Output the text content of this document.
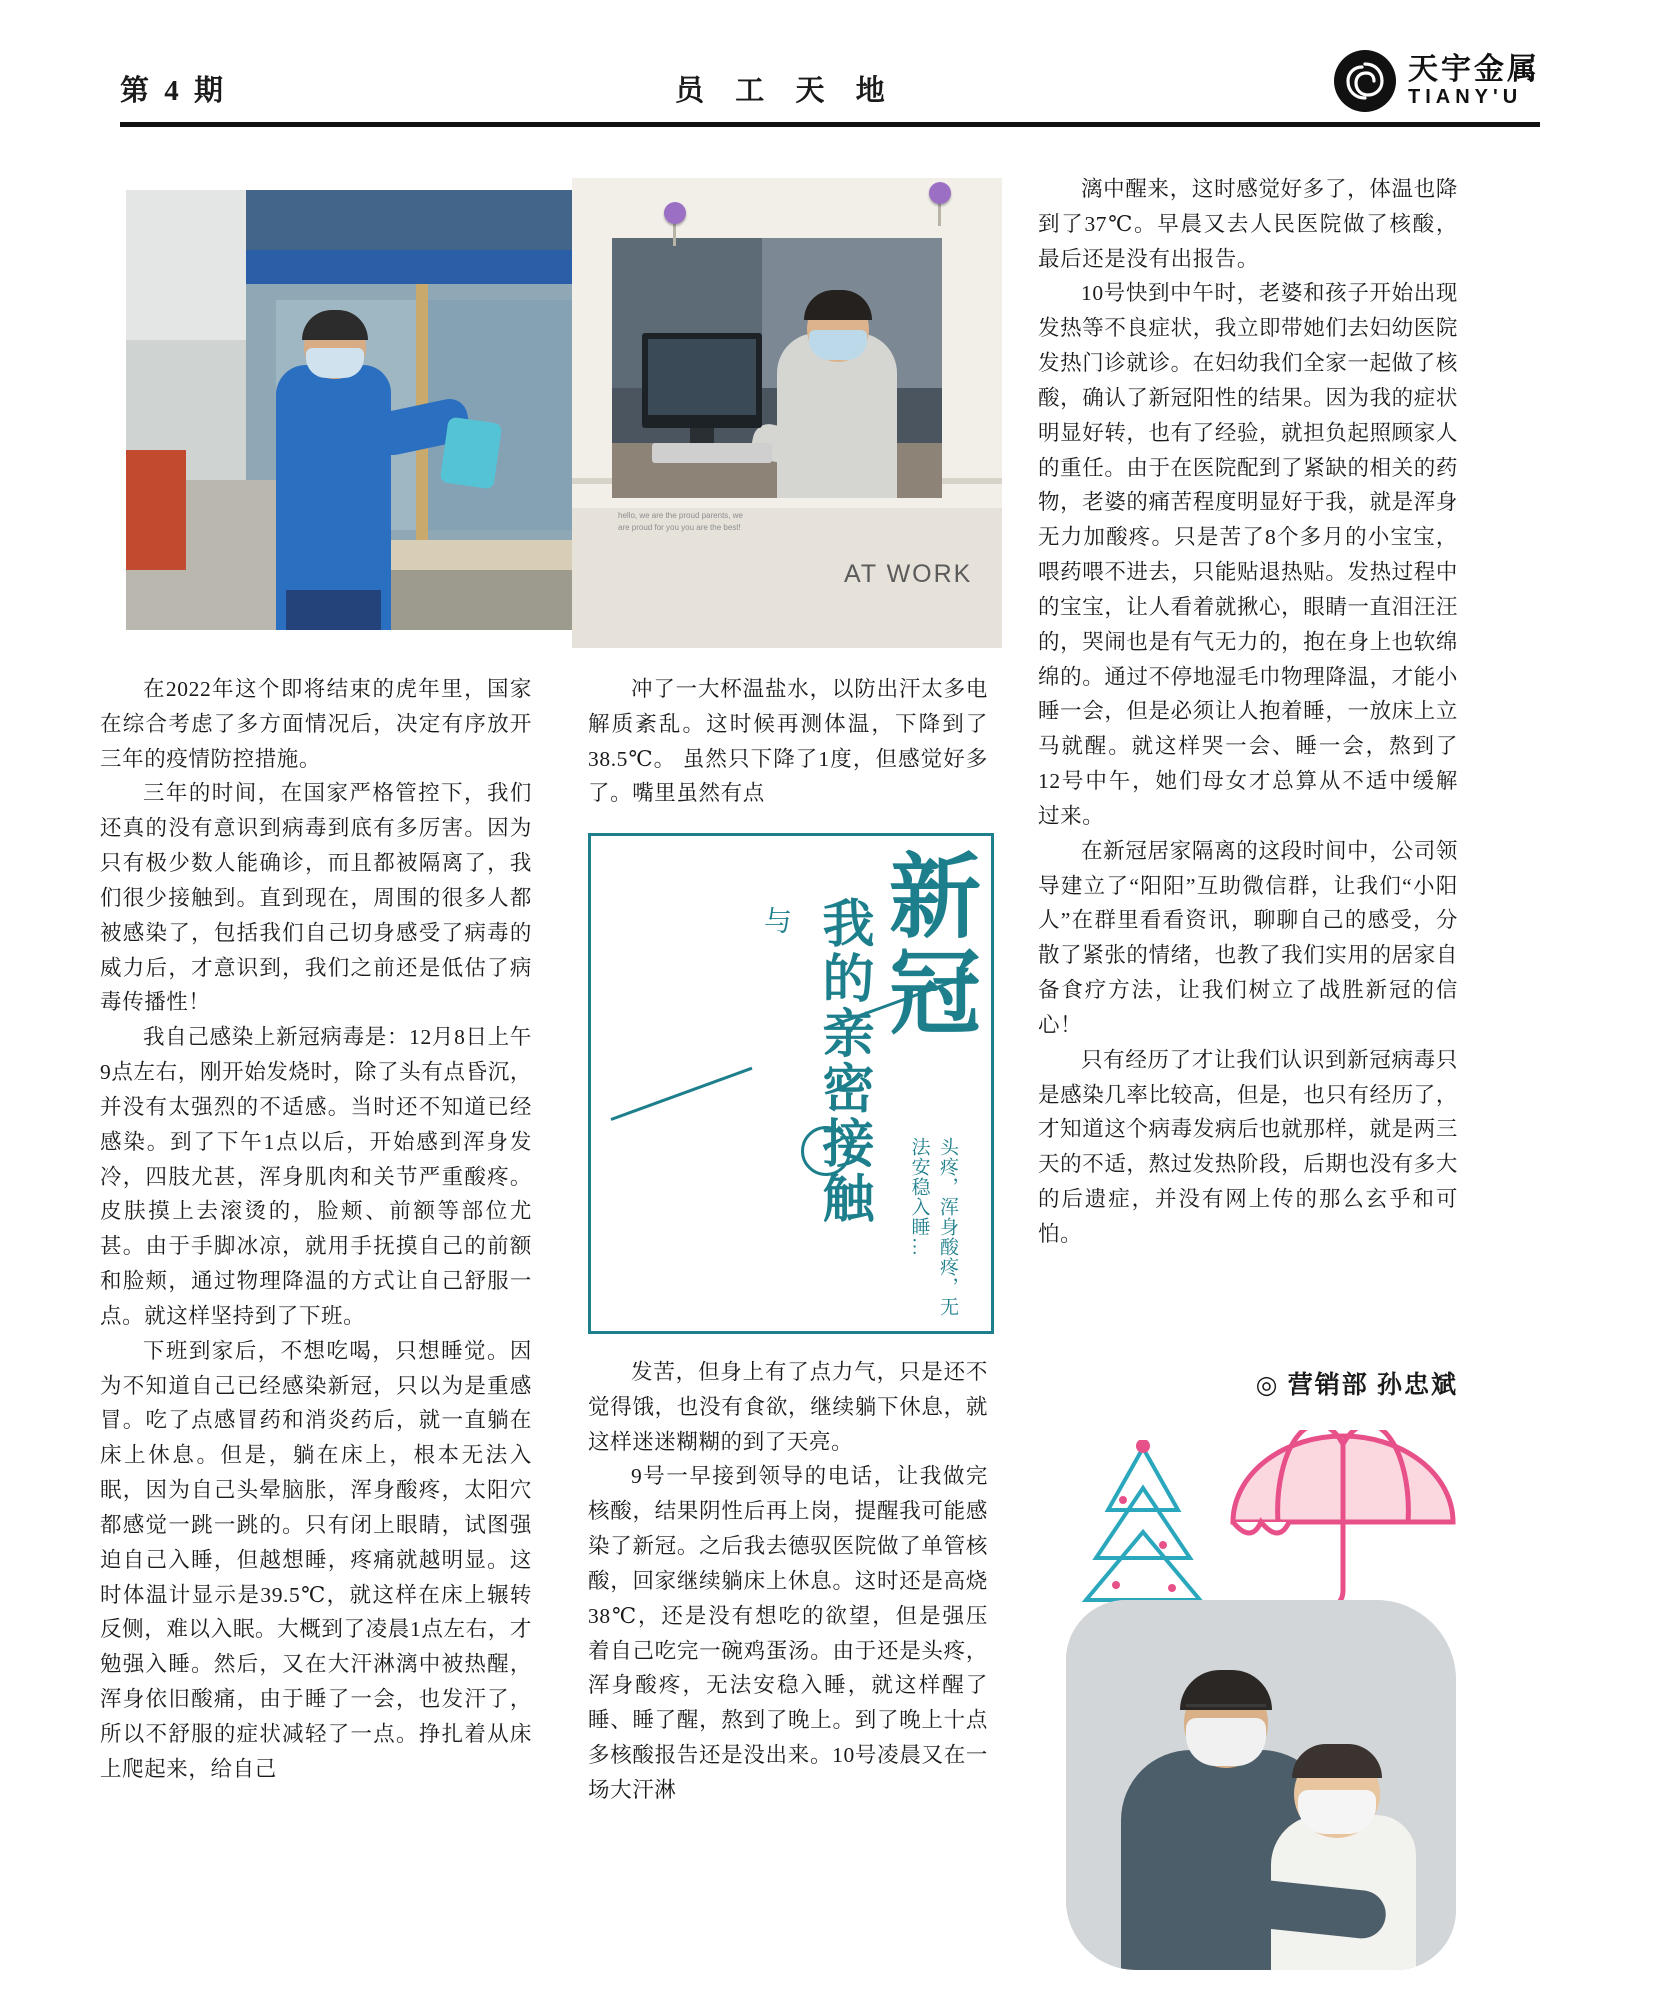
第 4 期	员 工 天 地
天宇金属
TIANY'U
AT WORK
hello, we are the proud parents, we are proud for you you are the best!

在2022年这个即将结束的虎年里，国家在综合考虑了多方面情况后，决定有序放开三年的疫情防控措施。

三年的时间，在国家严格管控下，我们还真的没有意识到病毒到底有多厉害。因为只有极少数人能确诊，而且都被隔离了，我们很少接触到。直到现在，周围的很多人都被感染了，包括我们自己切身感受了病毒的威力后，才意识到，我们之前还是低估了病毒传播性！

我自己感染上新冠病毒是：12月8日上午9点左右，刚开始发烧时，除了头有点昏沉，并没有太强烈的不适感。当时还不知道已经感染。到了下午1点以后，开始感到浑身发冷，四肢尤甚，浑身肌肉和关节严重酸疼。皮肤摸上去滚烫的，脸颊、前额等部位尤甚。由于手脚冰凉，就用手抚摸自己的前额和脸颊，通过物理降温的方式让自己舒服一点。就这样坚持到了下班。

下班到家后，不想吃喝，只想睡觉。因为不知道自己已经感染新冠，只以为是重感冒。吃了点感冒药和消炎药后，就一直躺在床上休息。但是，躺在床上，根本无法入眠，因为自己头晕脑胀，浑身酸疼，太阳穴都感觉一跳一跳的。只有闭上眼睛，试图强迫自己入睡，但越想睡，疼痛就越明显。这时体温计显示是39.5℃，就这样在床上辗转反侧，难以入眠。大概到了凌晨1点左右，才勉强入睡。然后，又在大汗淋漓中被热醒，浑身依旧酸痛，由于睡了一会，也发汗了，所以不舒服的症状减轻了一点。挣扎着从床上爬起来，给自己

冲了一大杯温盐水，以防出汗太多电解质紊乱。这时候再测体温，下降到了38.5℃。 虽然只下降了1度，但感觉好多了。嘴里虽然有点

新冠
与 我的亲密接触
头疼，浑身酸疼，无法安稳入睡…

发苦，但身上有了点力气，只是还不觉得饿，也没有食欲，继续躺下休息，就这样迷迷糊糊的到了天亮。

9号一早接到领导的电话，让我做完核酸，结果阴性后再上岗，提醒我可能感染了新冠。之后我去德驭医院做了单管核酸，回家继续躺床上休息。这时还是高烧38℃，还是没有想吃的欲望，但是强压着自己吃完一碗鸡蛋汤。由于还是头疼，浑身酸疼，无法安稳入睡，就这样醒了睡、睡了醒，熬到了晚上。到了晚上十点多核酸报告还是没出来。10号凌晨又在一场大汗淋

漓中醒来，这时感觉好多了，体温也降到了37℃。早晨又去人民医院做了核酸，最后还是没有出报告。

10号快到中午时，老婆和孩子开始出现发热等不良症状，我立即带她们去妇幼医院发热门诊就诊。在妇幼我们全家一起做了核酸，确认了新冠阳性的结果。因为我的症状明显好转，也有了经验，就担负起照顾家人的重任。由于在医院配到了紧缺的相关的药物，老婆的痛苦程度明显好于我，就是浑身无力加酸疼。只是苦了8个多月的小宝宝，喂药喂不进去，只能贴退热贴。发热过程中的宝宝，让人看着就揪心，眼睛一直泪汪汪的，哭闹也是有气无力的，抱在身上也软绵绵的。通过不停地湿毛巾物理降温，才能小睡一会，但是必须让人抱着睡，一放床上立马就醒。就这样哭一会、睡一会，熬到了12号中午，她们母女才总算从不适中缓解过来。

在新冠居家隔离的这段时间中，公司领导建立了“阳阳”互助微信群，让我们“小阳人”在群里看看资讯，聊聊自己的感受，分散了紧张的情绪，也教了我们实用的居家自备食疗方法，让我们树立了战胜新冠的信心！

只有经历了才让我们认识到新冠病毒只是感染几率比较高，但是，也只有经历了，才知道这个病毒发病后也就那样，就是两三天的不适，熬过发热阶段，后期也没有多大的后遗症，并没有网上传的那么玄乎和可怕。

◎ 营销部 孙忠斌
